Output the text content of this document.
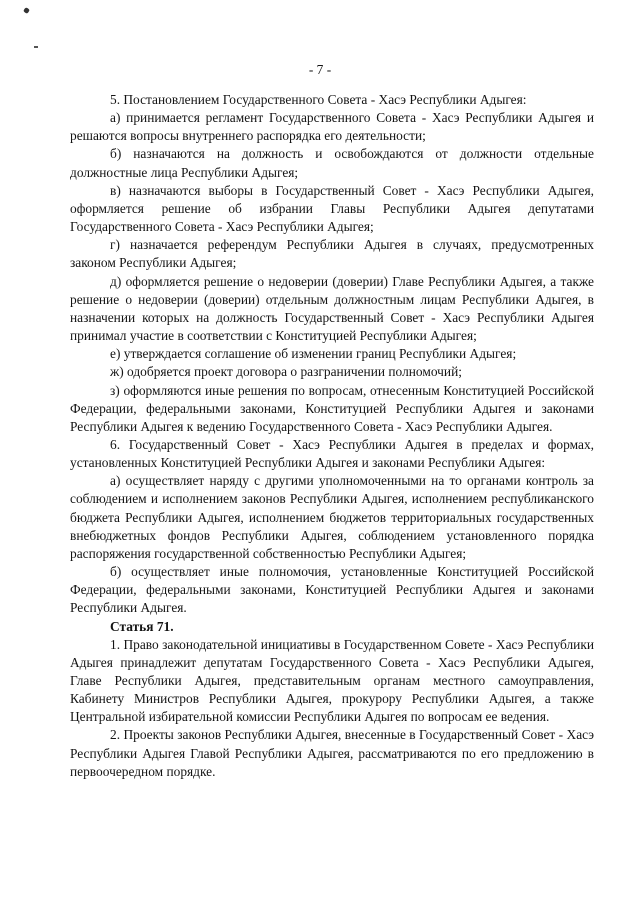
- 7 -

5. Постановлением Государственного Совета - Хасэ Республики Адыгея:

а) принимается регламент Государственного Совета - Хасэ Республики Адыгея и решаются вопросы внутреннего распорядка его деятельности;

б) назначаются на должность и освобождаются от должности отдельные должностные лица Республики Адыгея;

в) назначаются выборы в Государственный Совет - Хасэ Республики Адыгея, оформляется решение об избрании Главы Республики Адыгея депутатами Государственного Совета - Хасэ Республики Адыгея;

г) назначается референдум Республики Адыгея в случаях, предусмотренных законом Республики Адыгея;

д) оформляется решение о недоверии (доверии) Главе Республики Адыгея, а также решение о недоверии (доверии) отдельным должностным лицам Республики Адыгея, в назначении которых на должность Государственный Совет - Хасэ Республики Адыгея принимал участие в соответствии с Конституцией Республики Адыгея;

е) утверждается соглашение об изменении границ Республики Адыгея;

ж) одобряется проект договора о разграничении полномочий;

з) оформляются иные решения по вопросам, отнесенным Конституцией Российской Федерации, федеральными законами, Конституцией Республики Адыгея и законами Республики Адыгея к ведению Государственного Совета - Хасэ Республики Адыгея.

6. Государственный Совет - Хасэ Республики Адыгея в пределах и формах, установленных Конституцией Республики Адыгея и законами Республики Адыгея:

а) осуществляет наряду с другими уполномоченными на то органами контроль за соблюдением и исполнением законов Республики Адыгея, исполнением республиканского бюджета Республики Адыгея, исполнением бюджетов территориальных государственных внебюджетных фондов Республики Адыгея, соблюдением установленного порядка распоряжения государственной собственностью Республики Адыгея;

б) осуществляет иные полномочия, установленные Конституцией Российской Федерации, федеральными законами, Конституцией Республики Адыгея и законами Республики Адыгея.

Статья 71.

1. Право законодательной инициативы в Государственном Совете - Хасэ Республики Адыгея принадлежит депутатам Государственного Совета - Хасэ Республики Адыгея, Главе Республики Адыгея, представительным органам местного самоуправления, Кабинету Министров Республики Адыгея, прокурору Республики Адыгея, а также Центральной избирательной комиссии Республики Адыгея по вопросам ее ведения.

2. Проекты законов Республики Адыгея, внесенные в Государственный Совет - Хасэ Республики Адыгея Главой Республики Адыгея, рассматриваются по его предложению в первоочередном порядке.
